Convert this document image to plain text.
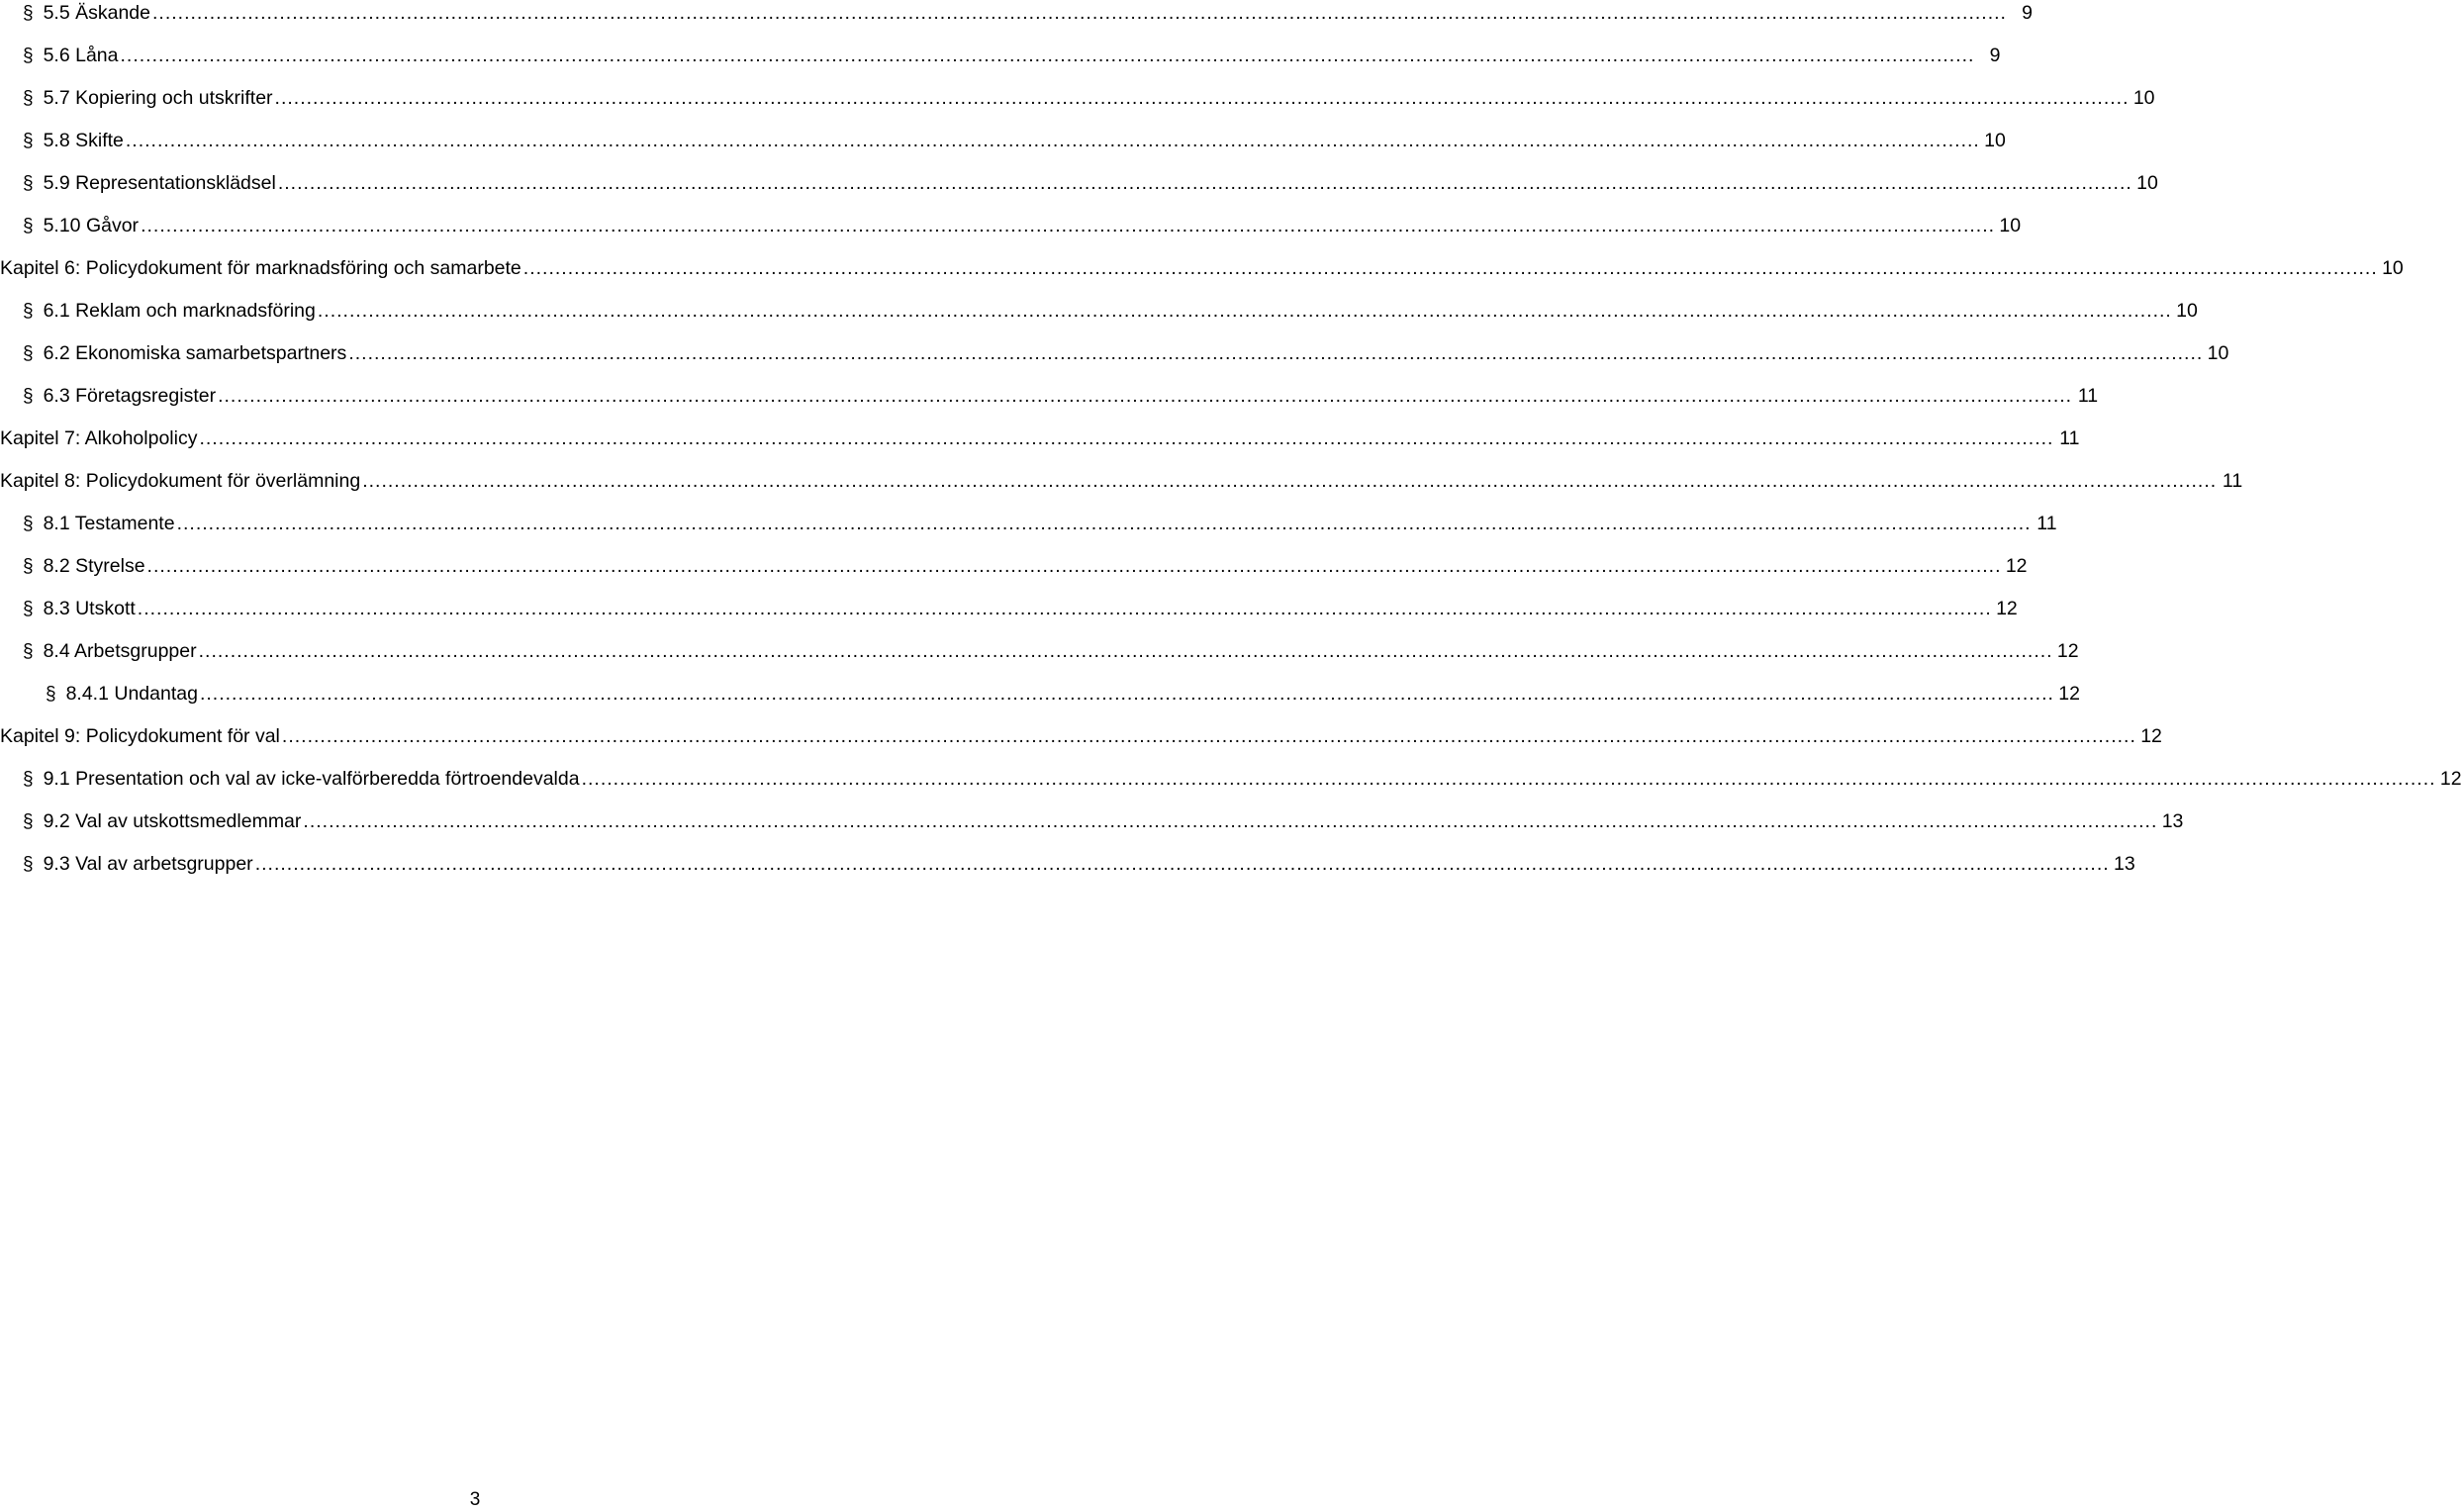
§ 5.5 Äskande .....	9
§ 5.6 Låna .....	9
§ 5.7 Kopiering och utskrifter .....	10
§ 5.8 Skifte .....	10
§ 5.9 Representationsklädsel .....	10
§ 5.10 Gåvor .....	10
Kapitel 6: Policydokument för marknadsföring och samarbete .....	10
§ 6.1 Reklam och marknadsföring .....	10
§ 6.2 Ekonomiska samarbetspartners .....	10
§ 6.3 Företagsregister .....	11
Kapitel 7: Alkoholpolicy .....	11
Kapitel 8: Policydokument för överlämning .....	11
§ 8.1 Testamente .....	11
§ 8.2 Styrelse .....	12
§ 8.3 Utskott .....	12
§ 8.4 Arbetsgrupper .....	12
§ 8.4.1 Undantag .....	12
Kapitel 9: Policydokument för val .....	12
§ 9.1 Presentation och val av icke-valförberedda förtroendevalda .....	12
§ 9.2 Val av utskottsmedlemmar .....	13
§ 9.3 Val av arbetsgrupper .....	13
3
